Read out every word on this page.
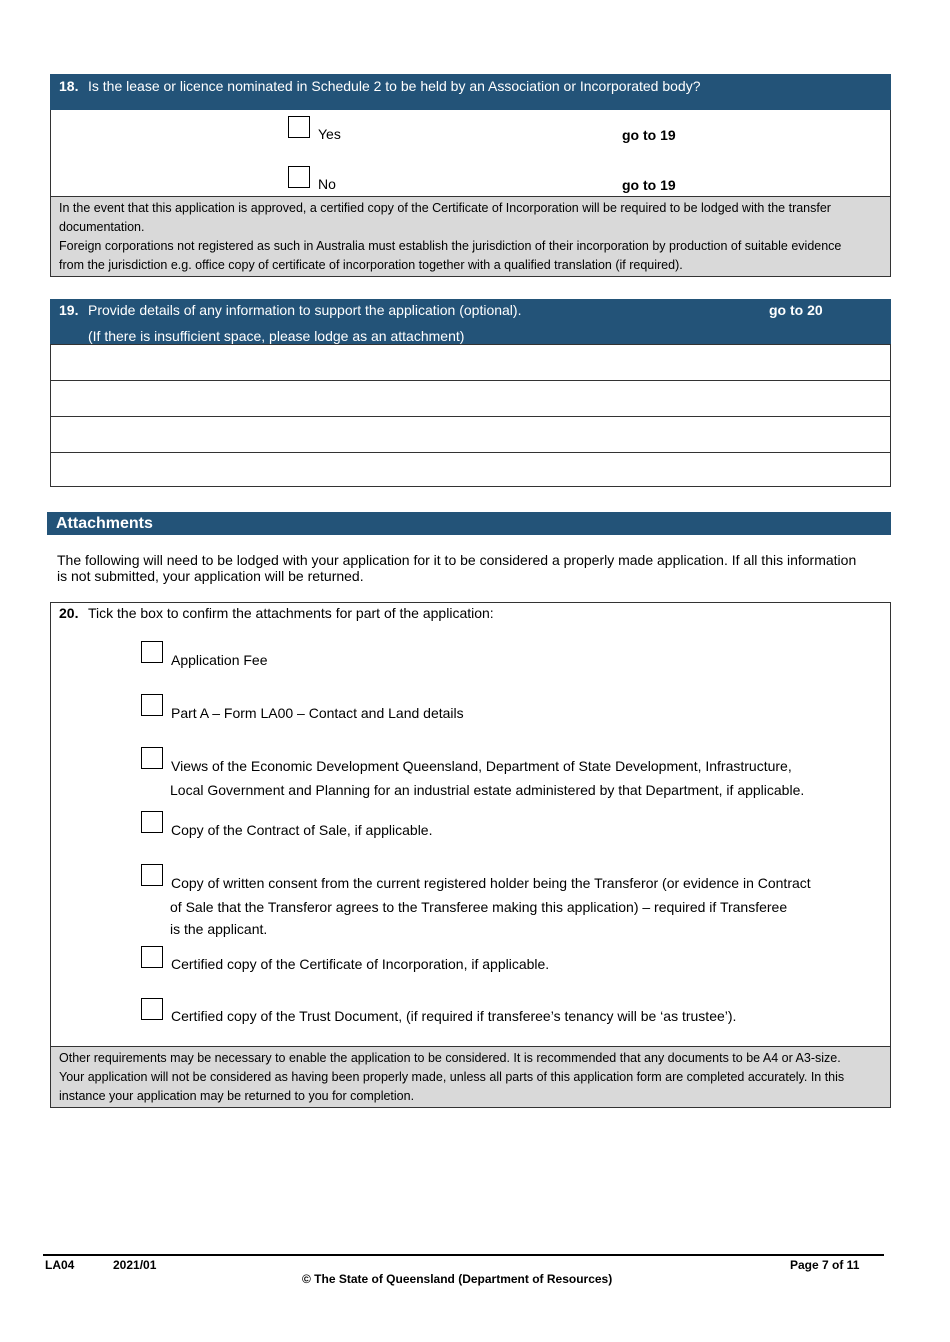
18. Is the lease or licence nominated in Schedule 2 to be held by an Association or Incorporated body?
Yes	go to 19
No	go to 19
In the event that this application is approved, a certified copy of the Certificate of Incorporation will be required to be lodged with the transfer
documentation.
Foreign corporations not registered as such in Australia must establish the jurisdiction of their incorporation by production of suitable evidence
from the jurisdiction e.g. office copy of certificate of incorporation together with a qualified translation (if required).
19. Provide details of any information to support the application (optional).	go to 20
(If there is insufficient space, please lodge as an attachment)
Attachments
The following will need to be lodged with your application for it to be considered a properly made application. If all this information
is not submitted, your application will be returned.
20. Tick the box to confirm the attachments for part of the application:
Application Fee
Part A – Form LA00 – Contact and Land details
Views of the Economic Development Queensland, Department of State Development, Infrastructure,
Local Government and Planning for an industrial estate administered by that Department, if applicable.
Copy of the Contract of Sale, if applicable.
Copy of written consent from the current registered holder being the Transferor (or evidence in Contract
of Sale that the Transferor agrees to the Transferee making this application) – required if Transferee
is the applicant.
Certified copy of the Certificate of Incorporation, if applicable.
Certified copy of the Trust Document, (if required if transferee’s tenancy will be ‘as trustee’).
Other requirements may be necessary to enable the application to be considered. It is recommended that any documents to be A4 or A3-size.
Your application will not be considered as having been properly made, unless all parts of this application form are completed accurately. In this
instance your application may be returned to you for completion.
LA04	2021/01	Page 7 of 11
© The State of Queensland (Department of Resources)
